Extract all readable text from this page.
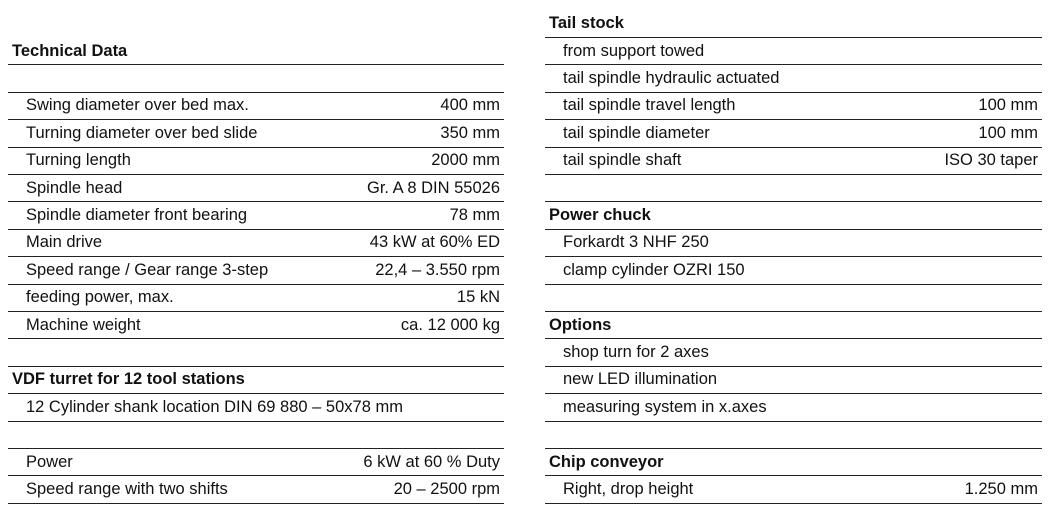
Technical Data
Swing diameter over bed max.	400 mm
Turning diameter over bed slide	350 mm
Turning length	2000 mm
Spindle head	Gr. A 8 DIN 55026
Spindle diameter front bearing	78 mm
Main drive	43 kW at 60% ED
Speed range / Gear range 3-step	22,4 – 3.550 rpm
feeding power, max.	15 kN
Machine weight	ca. 12 000 kg
VDF turret for 12 tool stations
12 Cylinder shank location DIN 69 880 – 50x78 mm
Power	6 kW at 60 % Duty
Speed range with two shifts	20 – 2500 rpm
Tail stock
from support towed
tail spindle hydraulic actuated
tail spindle travel length	100 mm
tail spindle diameter	100 mm
tail spindle shaft	ISO 30 taper
Power chuck
Forkardt 3 NHF 250
clamp cylinder OZRI 150
Options
shop turn for 2 axes
new LED illumination
measuring system in x.axes
Chip conveyor
Right, drop height	1.250 mm
